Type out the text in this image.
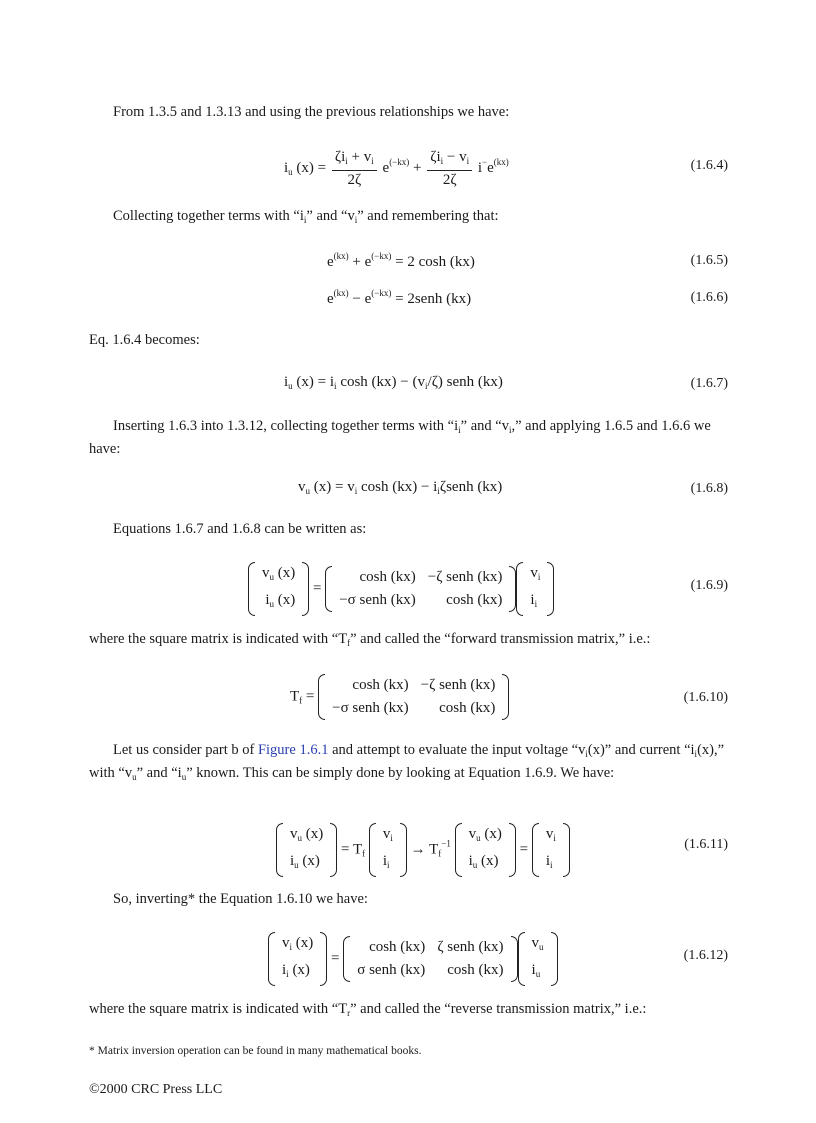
From 1.3.5 and 1.3.13 and using the previous relationships we have:
$i_u$ (x) =
$\zeta i_i + v_i$
2ζ
$e^{(-kx)}$ +
$\zeta i_i - v_i$
2ζ
$i^-e^{(kx)}$	(1.6.4)
Collecting together terms with “$i_i$” and “$v_i$” and remembering that:
$e^{(kx)} + e^{(-kx)} = 2$ cosh (kx)	(1.6.5)
$e^{(kx)} - e^{(-kx)}$ = 2senh (kx)	(1.6.6)
Eq. 1.6.4 becomes:
$i_u$ $(x) = i_i$ $\cosh (kx) - (v_i/\zeta)$ senh (kx)	(1.6.7)
Inserting 1.6.3 into 1.3.12, collecting together terms with “$i_i$” and “$v_i$,” and applying 1.6.5 and 1.6.6 we have:
$v_u$ $(x) = v_i$ $\cosh (kx) - i_i\zeta senh$ (kx)	(1.6.8)
Equations 1.6.7 and 1.6.8 can be written as:
$v_u$ (x)
$i_u$ (x)
=
cosh (kx)	−ζ senh (kx)
−σ senh (kx)	cosh (kx)
$v_i$
$i_i$
(1.6.9)
where the square matrix is indicated with “$T_f$” and called the “forward transmission matrix,” i.e.:
$T_f$ =
cosh (kx)	−ζ senh (kx)
−σ senh (kx)	cosh (kx)
(1.6.10)
Let us consider part b of Figure 1.6.1 and attempt to evaluate the input voltage “$v_i(x)$” and current “$i_i(x)$,” with “$v_u$” and “$i_u$” known. This can be simply done by looking at Equation 1.6.9. We have:
$v_u$ (x)
$i_u$ (x)
= $T_f$
$v_i$
$i_i$
→ $T_f^{-1}$
$v_u$ (x)
$i_u$ (x)
=
$v_i$
$i_i$
(1.6.11)
So, inverting* the Equation 1.6.10 we have:
$v_i$ (x)
$i_i$ (x)
=
cosh (kx)	ζ senh (kx)
σ senh (kx)	cosh (kx)
$v_u$
$i_u$
(1.6.12)
where the square matrix is indicated with “$T_r$” and called the “reverse transmission matrix,” i.e.:
* Matrix inversion operation can be found in many mathematical books.
©2000 CRC Press LLC
